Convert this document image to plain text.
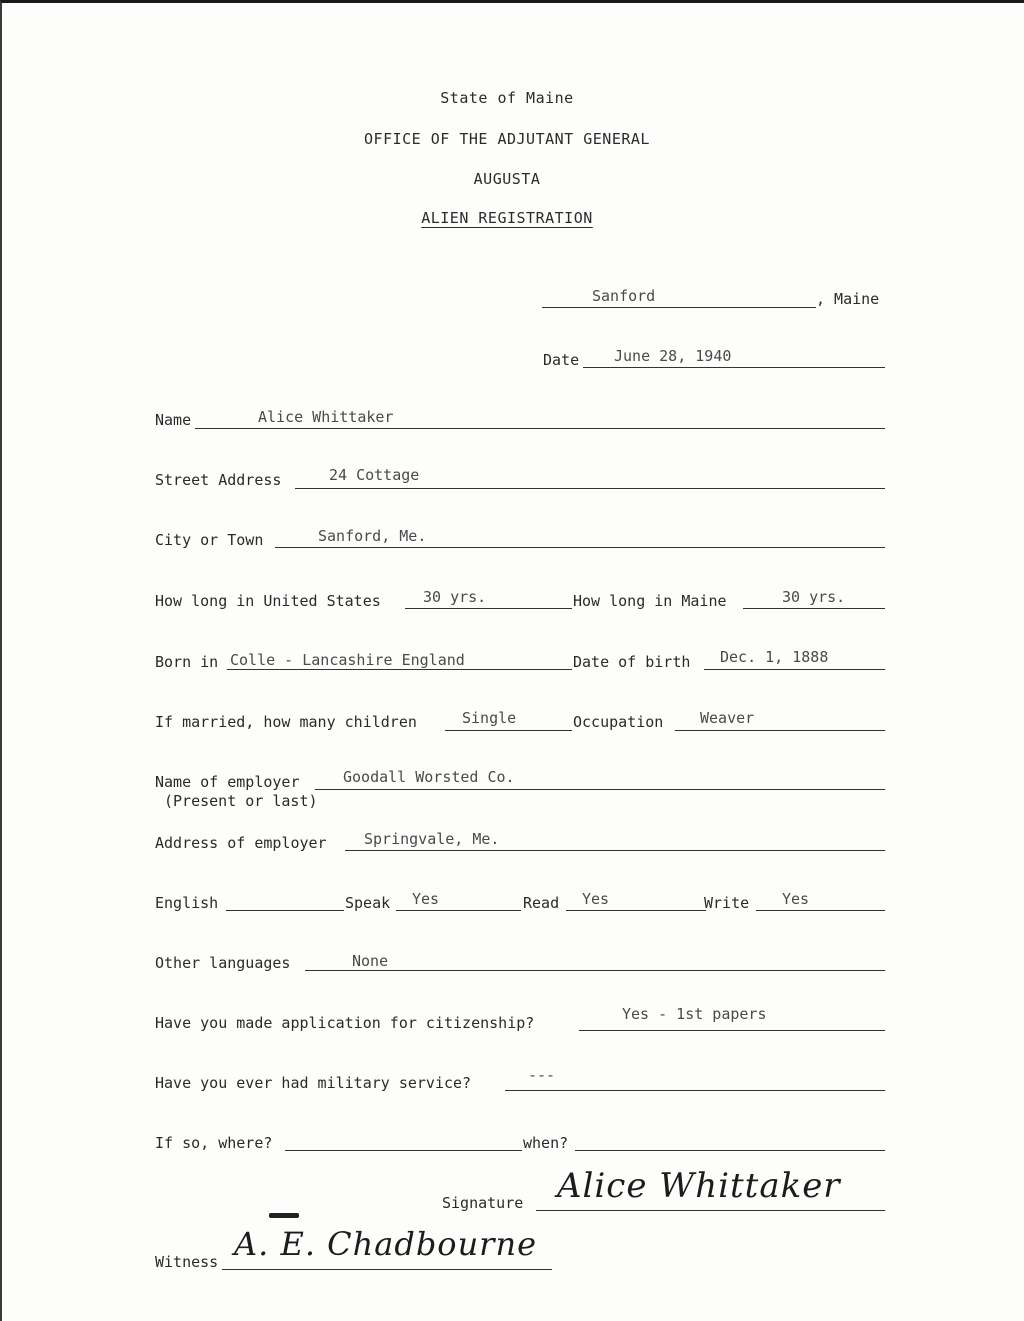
State of Maine
OFFICE OF THE ADJUTANT GENERAL
AUGUSTA
ALIEN REGISTRATION
Sanford	, Maine
Date June 28, 1940
Name	Alice Whittaker
Street Address	24 Cottage
City or Town	Sanford, Me.
How long in United States	30 yrs.	How long in Maine	30 yrs.
Born in Colle - Lancashire England	Date of birth Dec. 1, 1888
If married, how many children	Single	Occupation Weaver
Name of employer
(Present or last)
Goodall Worsted Co.
Address of employer Springvale, Me.
English	Speak Yes	Read Yes	Write Yes
Other languages	None
Have you made application for citizenship?	Yes - 1st papers
Have you ever had military service?	---
If so, where?	when?
Signature Alice Whittaker
Witness A. E. Chadbourne
